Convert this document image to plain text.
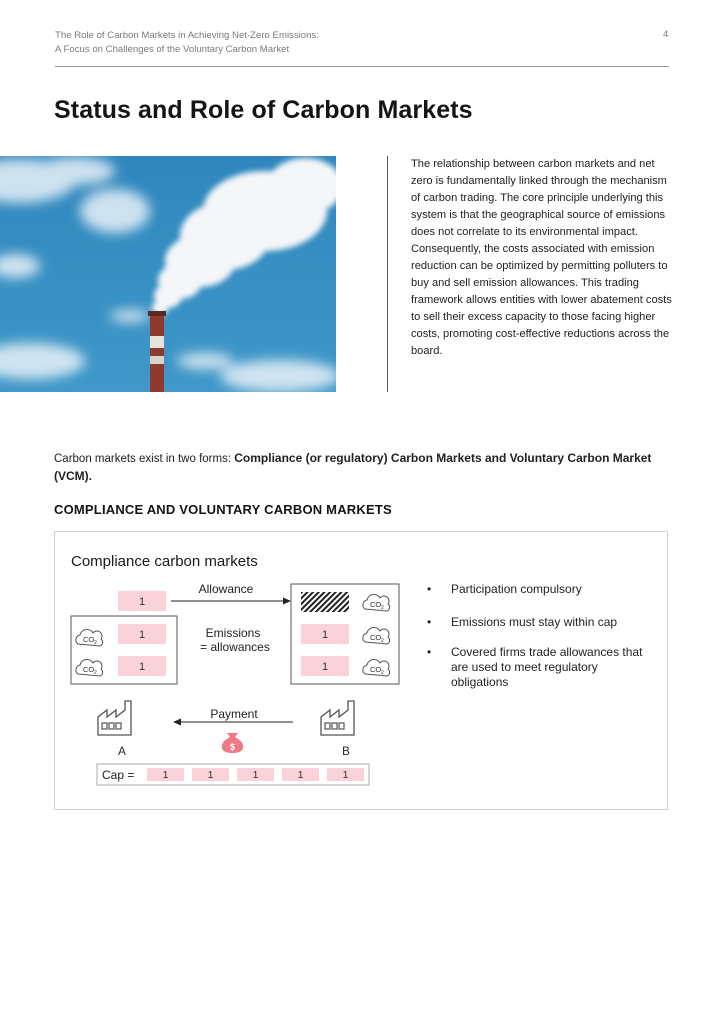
The Role of Carbon Markets in Achieving Net-Zero Emissions:
A Focus on Challenges of the Voluntary Carbon Market
4
Status and Role of Carbon Markets

The relationship between carbon markets and net zero is fundamentally linked through the mechanism of carbon trading. The core principle underlying this system is that the geographical source of emissions does not correlate to its environmental impact. Consequently, the costs associated with emission reduction can be optimized by permitting polluters to buy and sell emission allowances. This trading framework allows entities with lower abatement costs to sell their excess capacity to those facing higher costs, promoting cost-effective reductions across the board.

Carbon markets exist in two forms: Compliance (or regulatory) Carbon Markets and Voluntary Carbon Market (VCM).

COMPLIANCE AND VOLUNTARY CARBON MARKETS
Compliance carbon markets
1
1
1
1
1
CO 2
CO 2
CO 2
CO 2
CO 2
Allowance
Emissions
= allowances
A	B
Payment
$
Cap =	1	1	1	1	1
• Participation compulsory
• Emissions must stay within cap
• Covered firms trade allowances that are used to meet regulatory obligations
